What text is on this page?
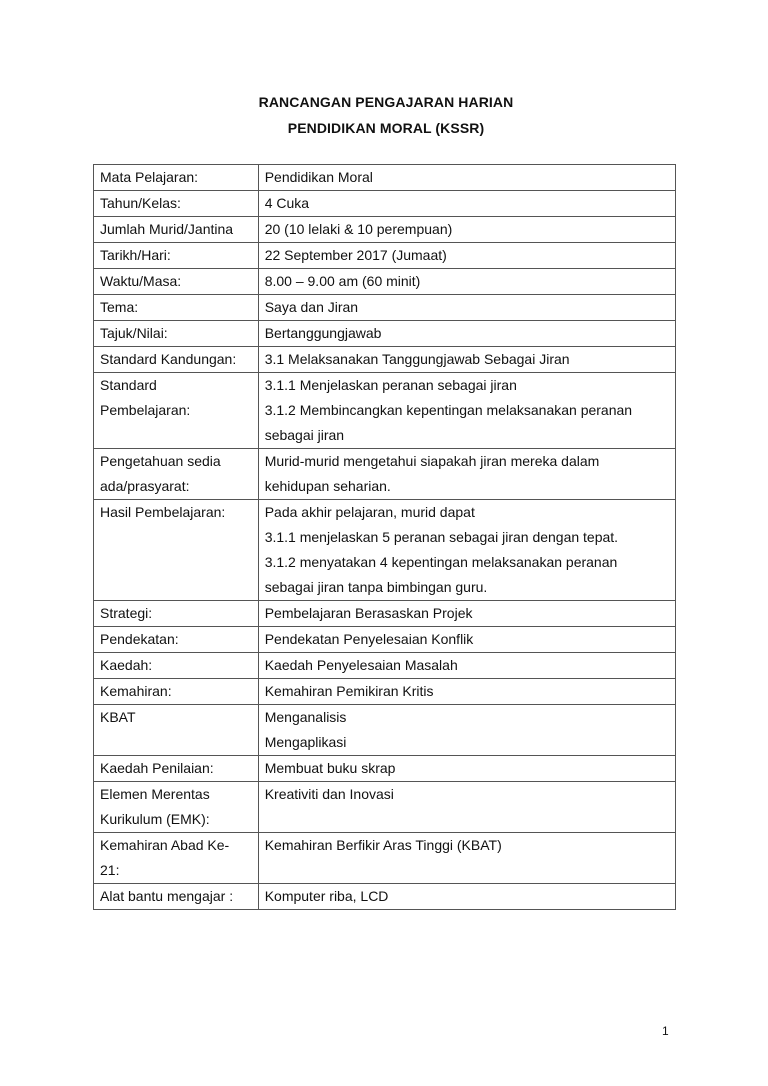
RANCANGAN PENGAJARAN HARIAN
PENDIDIKAN MORAL (KSSR)
Mata Pelajaran:	Pendidikan Moral

Tahun/Kelas:	4 Cuka

Jumlah Murid/Jantina	20 (10 lelaki & 10 perempuan)

Tarikh/Hari:	22 September 2017 (Jumaat)

Waktu/Masa:	8.00 – 9.00 am (60 minit)

Tema:	Saya dan Jiran

Tajuk/Nilai:	Bertanggungjawab

Standard Kandungan:	3.1 Melaksanakan Tanggungjawab Sebagai Jiran

Standard
Pembelajaran:	3.1.1 Menjelaskan peranan sebagai jiran
3.1.2 Membincangkan kepentingan melaksanakan peranan
sebagai jiran

Pengetahuan sedia
ada/prasyarat:	Murid-murid mengetahui siapakah jiran mereka dalam
kehidupan seharian.

Hasil Pembelajaran:	Pada akhir pelajaran, murid dapat
3.1.1 menjelaskan 5 peranan sebagai jiran dengan tepat.
3.1.2 menyatakan 4 kepentingan melaksanakan peranan
sebagai jiran tanpa bimbingan guru.

Strategi:	Pembelajaran Berasaskan Projek

Pendekatan:	Pendekatan Penyelesaian Konflik

Kaedah:	Kaedah Penyelesaian Masalah

Kemahiran:	Kemahiran Pemikiran Kritis

KBAT	Menganalisis
Mengaplikasi

Kaedah Penilaian:	Membuat buku skrap

Elemen Merentas
Kurikulum (EMK):	Kreativiti dan Inovasi

Kemahiran Abad Ke-
21:	Kemahiran Berfikir Aras Tinggi (KBAT)

Alat bantu mengajar :	Komputer riba, LCD
1
